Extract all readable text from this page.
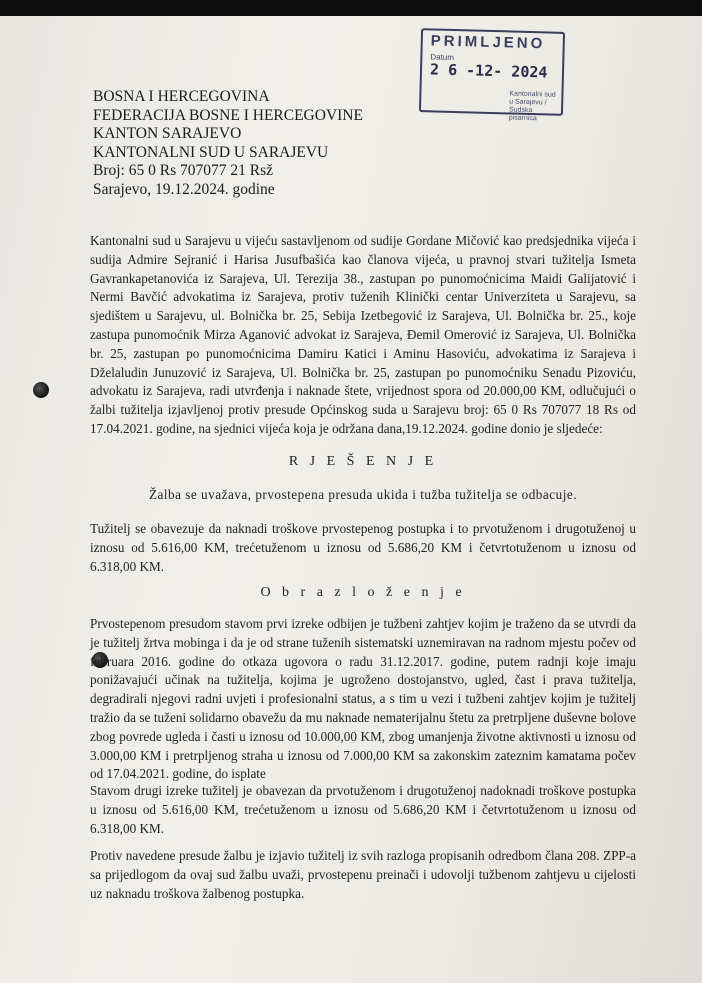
PRIMLJENO
Datum
2 6 -12- 2024
Kantonalni sud u Sarajevu / Sudska pisarnica
BOSNA I HERCEGOVINA
FEDERACIJA BOSNE I HERCEGOVINE
KANTON SARAJEVO
KANTONALNI SUD U SARAJEVU
Broj: 65 0 Rs 707077 21 Rsž
Sarajevo, 19.12.2024. godine
Kantonalni sud u Sarajevu u vijeću sastavljenom od sudije Gordane Mičović kao predsjednika vijeća i sudija Admire Sejranić i Harisa Jusufbašića kao članova vijeća, u pravnoj stvari tužitelja Ismeta Gavrankapetanovića iz Sarajeva, Ul. Terezija 38., zastupan po punomoćnicima Maidi Galijatović i Nermi Bavčić advokatima iz Sarajeva, protiv tuženih Klinički centar Univerziteta u Sarajevu, sa sjedištem u Sarajevu, ul. Bolnička br. 25, Sebija Izetbegović iz Sarajeva, Ul. Bolnička br. 25., koje zastupa punomoćnik Mirza Aganović advokat iz Sarajeva, Đemil Omerović iz Sarajeva, Ul. Bolnička br. 25, zastupan po punomoćnicima Damiru Katici i Aminu Hasoviću, advokatima iz Sarajeva i Dželaludin Junuzović iz Sarajeva, Ul. Bolnička br. 25, zastupan po punomoćniku Senadu Pizoviću, advokatu iz Sarajeva, radi utvrđenja i naknade štete, vrijednost spora od 20.000,00 KM, odlučujući o žalbi tužitelja izjavljenoj protiv presude Općinskog suda u Sarajevu broj: 65 0 Rs 707077 18 Rs od 17.04.2021. godine, na sjednici vijeća koja je održana dana,19.12.2024. godine donio je sljedeće:
R J E Š E N J E
Žalba se uvažava, prvostepena presuda ukida i tužba tužitelja se odbacuje.
Tužitelj se obavezuje da naknadi troškove prvostepenog postupka i to prvotuženom i drugotuženoj u iznosu od 5.616,00 KM, trećetuženom u iznosu od 5.686,20 KM i četvrtotuženom u iznosu od 6.318,00 KM.
O b r a z l o ž e n j e
Prvostepenom presudom stavom prvi izreke odbijen je tužbeni zahtjev kojim je traženo da se utvrdi da je tužitelj žrtva mobinga i da je od strane tuženih sistematski uznemiravan na radnom mjestu počev od februara 2016. godine do otkaza ugovora o radu 31.12.2017. godine, putem radnji koje imaju ponižavajući učinak na tužitelja, kojima je ugroženo dostojanstvo, ugled, čast i prava tužitelja, degradirali njegovi radni uvjeti i profesionalni status, a s tim u vezi i tužbeni zahtjev kojim je tužitelj tražio da se tuženi solidarno obavežu da mu naknade nematerijalnu štetu za pretrpljene duševne bolove zbog povrede ugleda i časti u iznosu od 10.000,00 KM, zbog umanjenja životne aktivnosti u iznosu od 3.000,00 KM i pretrpljenog straha u iznosu od 7.000,00 KM sa zakonskim zateznim kamatama počev od 17.04.2021. godine, do isplate
Stavom drugi izreke tužitelj je obavezan da prvotuženom i drugotuženoj nadoknadi troškove postupka u iznosu od 5.616,00 KM, trećetuženom u iznosu od 5.686,20 KM i četvrtotuženom u iznosu od 6.318,00 KM.
Protiv navedene presude žalbu je izjavio tužitelj iz svih razloga propisanih odredbom člana 208. ZPP-a sa prijedlogom da ovaj sud žalbu uvaži, prvostepenu preinači i udovolji tužbenom zahtjevu u cijelosti uz naknadu troškova žalbenog postupka.
